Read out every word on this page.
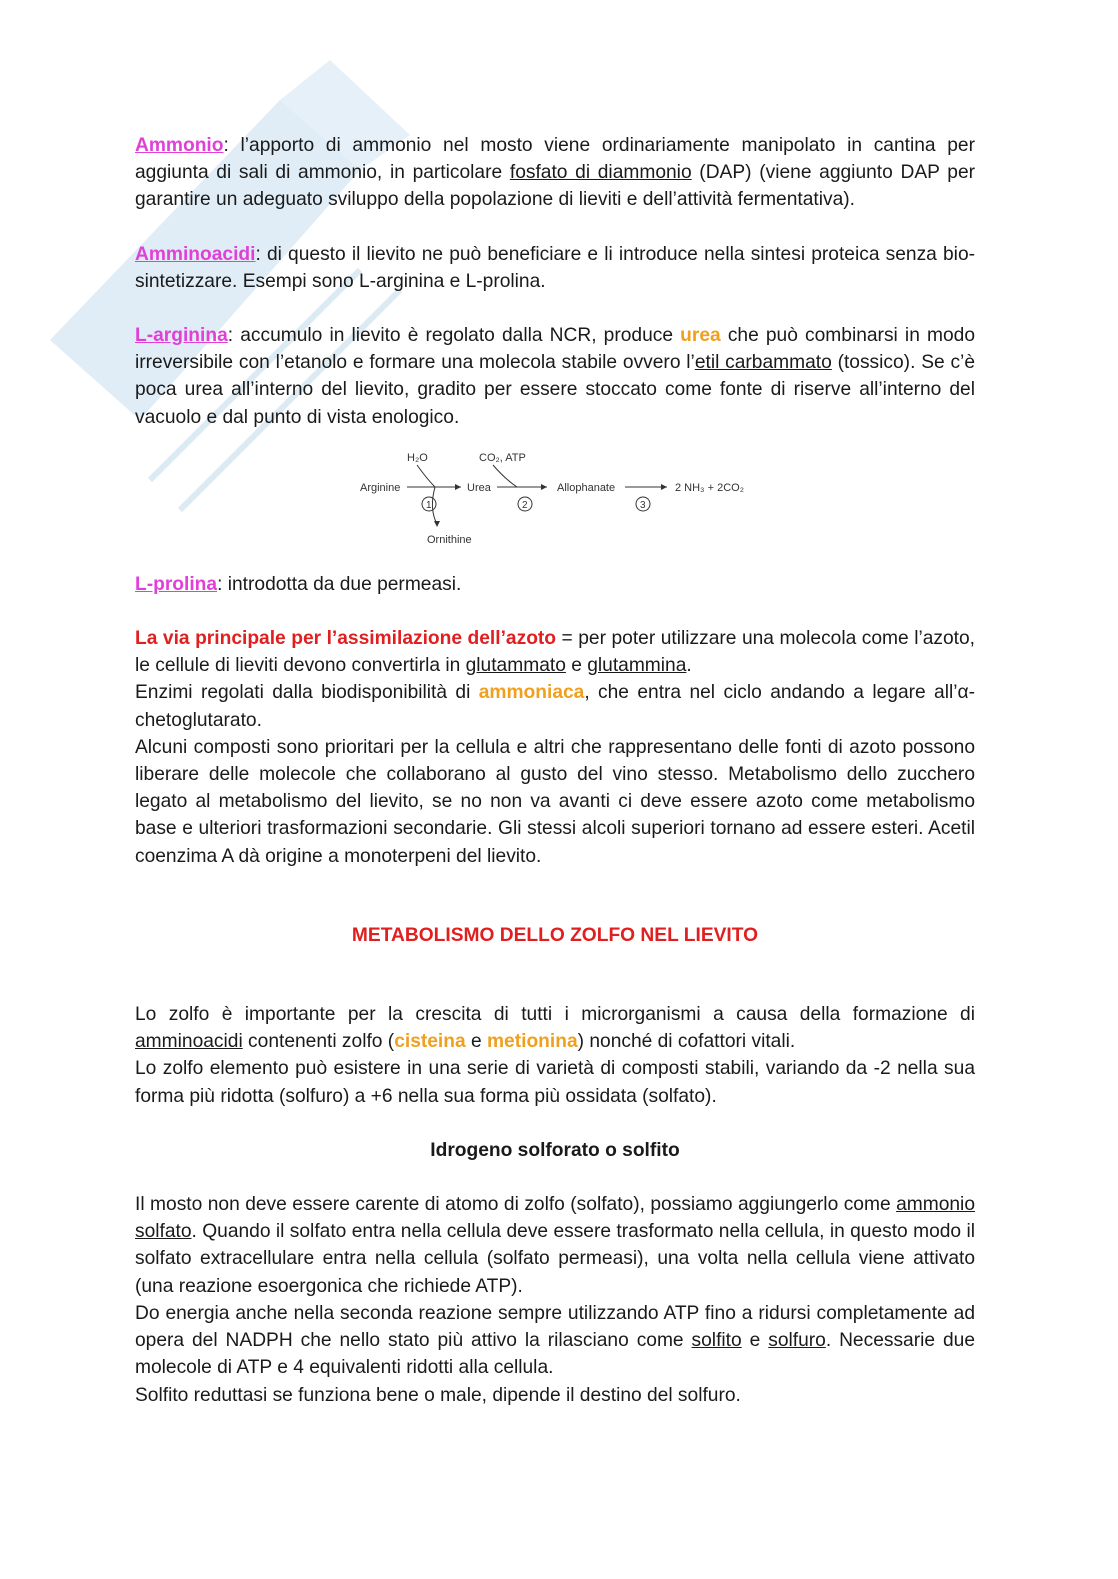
Ammonio: l’apporto di ammonio nel mosto viene ordinariamente manipolato in cantina per aggiunta di sali di ammonio, in particolare fosfato di diammonio (DAP) (viene aggiunto DAP per garantire un adeguato sviluppo della popolazione di lieviti e dell’attività fermentativa).

Amminoacidi: di questo il lievito ne può beneficiare e li introduce nella sintesi proteica senza bio-sintetizzare. Esempi sono L-arginina e L-prolina.

L-arginina: accumulo in lievito è regolato dalla NCR, produce urea che può combinarsi in modo irreversibile con l’etanolo e formare una molecola stabile ovvero l’etil carbammato (tossico). Se c’è poca urea all’interno del lievito, gradito per essere stoccato come fonte di riserve all’interno del vacuolo e dal punto di vista enologico.

Arginine
H₂O
1
Ornithine
Urea
CO₂, ATP
2
Allophanate
3
2 NH₃ + 2CO₂

L-prolina: introdotta da due permeasi.

La via principale per l’assimilazione dell’azoto = per poter utilizzare una molecola come l’azoto, le cellule di lieviti devono convertirla in glutammato e glutammina.

Enzimi regolati dalla biodisponibilità di ammoniaca, che entra nel ciclo andando a legare all’α-chetoglutarato.

Alcuni composti sono prioritari per la cellula e altri che rappresentano delle fonti di azoto possono liberare delle molecole che collaborano al gusto del vino stesso. Metabolismo dello zucchero legato al metabolismo del lievito, se no non va avanti ci deve essere azoto come metabolismo base e ulteriori trasformazioni secondarie. Gli stessi alcoli superiori tornano ad essere esteri. Acetil coenzima A dà origine a monoterpeni del lievito.

METABOLISMO DELLO ZOLFO NEL LIEVITO

Lo zolfo è importante per la crescita di tutti i microrganismi a causa della formazione di amminoacidi contenenti zolfo (cisteina e metionina) nonché di cofattori vitali.

Lo zolfo elemento può esistere in una serie di varietà di composti stabili, variando da -2 nella sua forma più ridotta (solfuro) a +6 nella sua forma più ossidata (solfato).

Idrogeno solforato o solfito

Il mosto non deve essere carente di atomo di zolfo (solfato), possiamo aggiungerlo come ammonio solfato. Quando il solfato entra nella cellula deve essere trasformato nella cellula, in questo modo il solfato extracellulare entra nella cellula (solfato permeasi), una volta nella cellula viene attivato (una reazione esoergonica che richiede ATP).

Do energia anche nella seconda reazione sempre utilizzando ATP fino a ridursi completamente ad opera del NADPH che nello stato più attivo la rilasciano come solfito e solfuro. Necessarie due molecole di ATP e 4 equivalenti ridotti alla cellula.

Solfito reduttasi se funziona bene o male, dipende il destino del solfuro.
